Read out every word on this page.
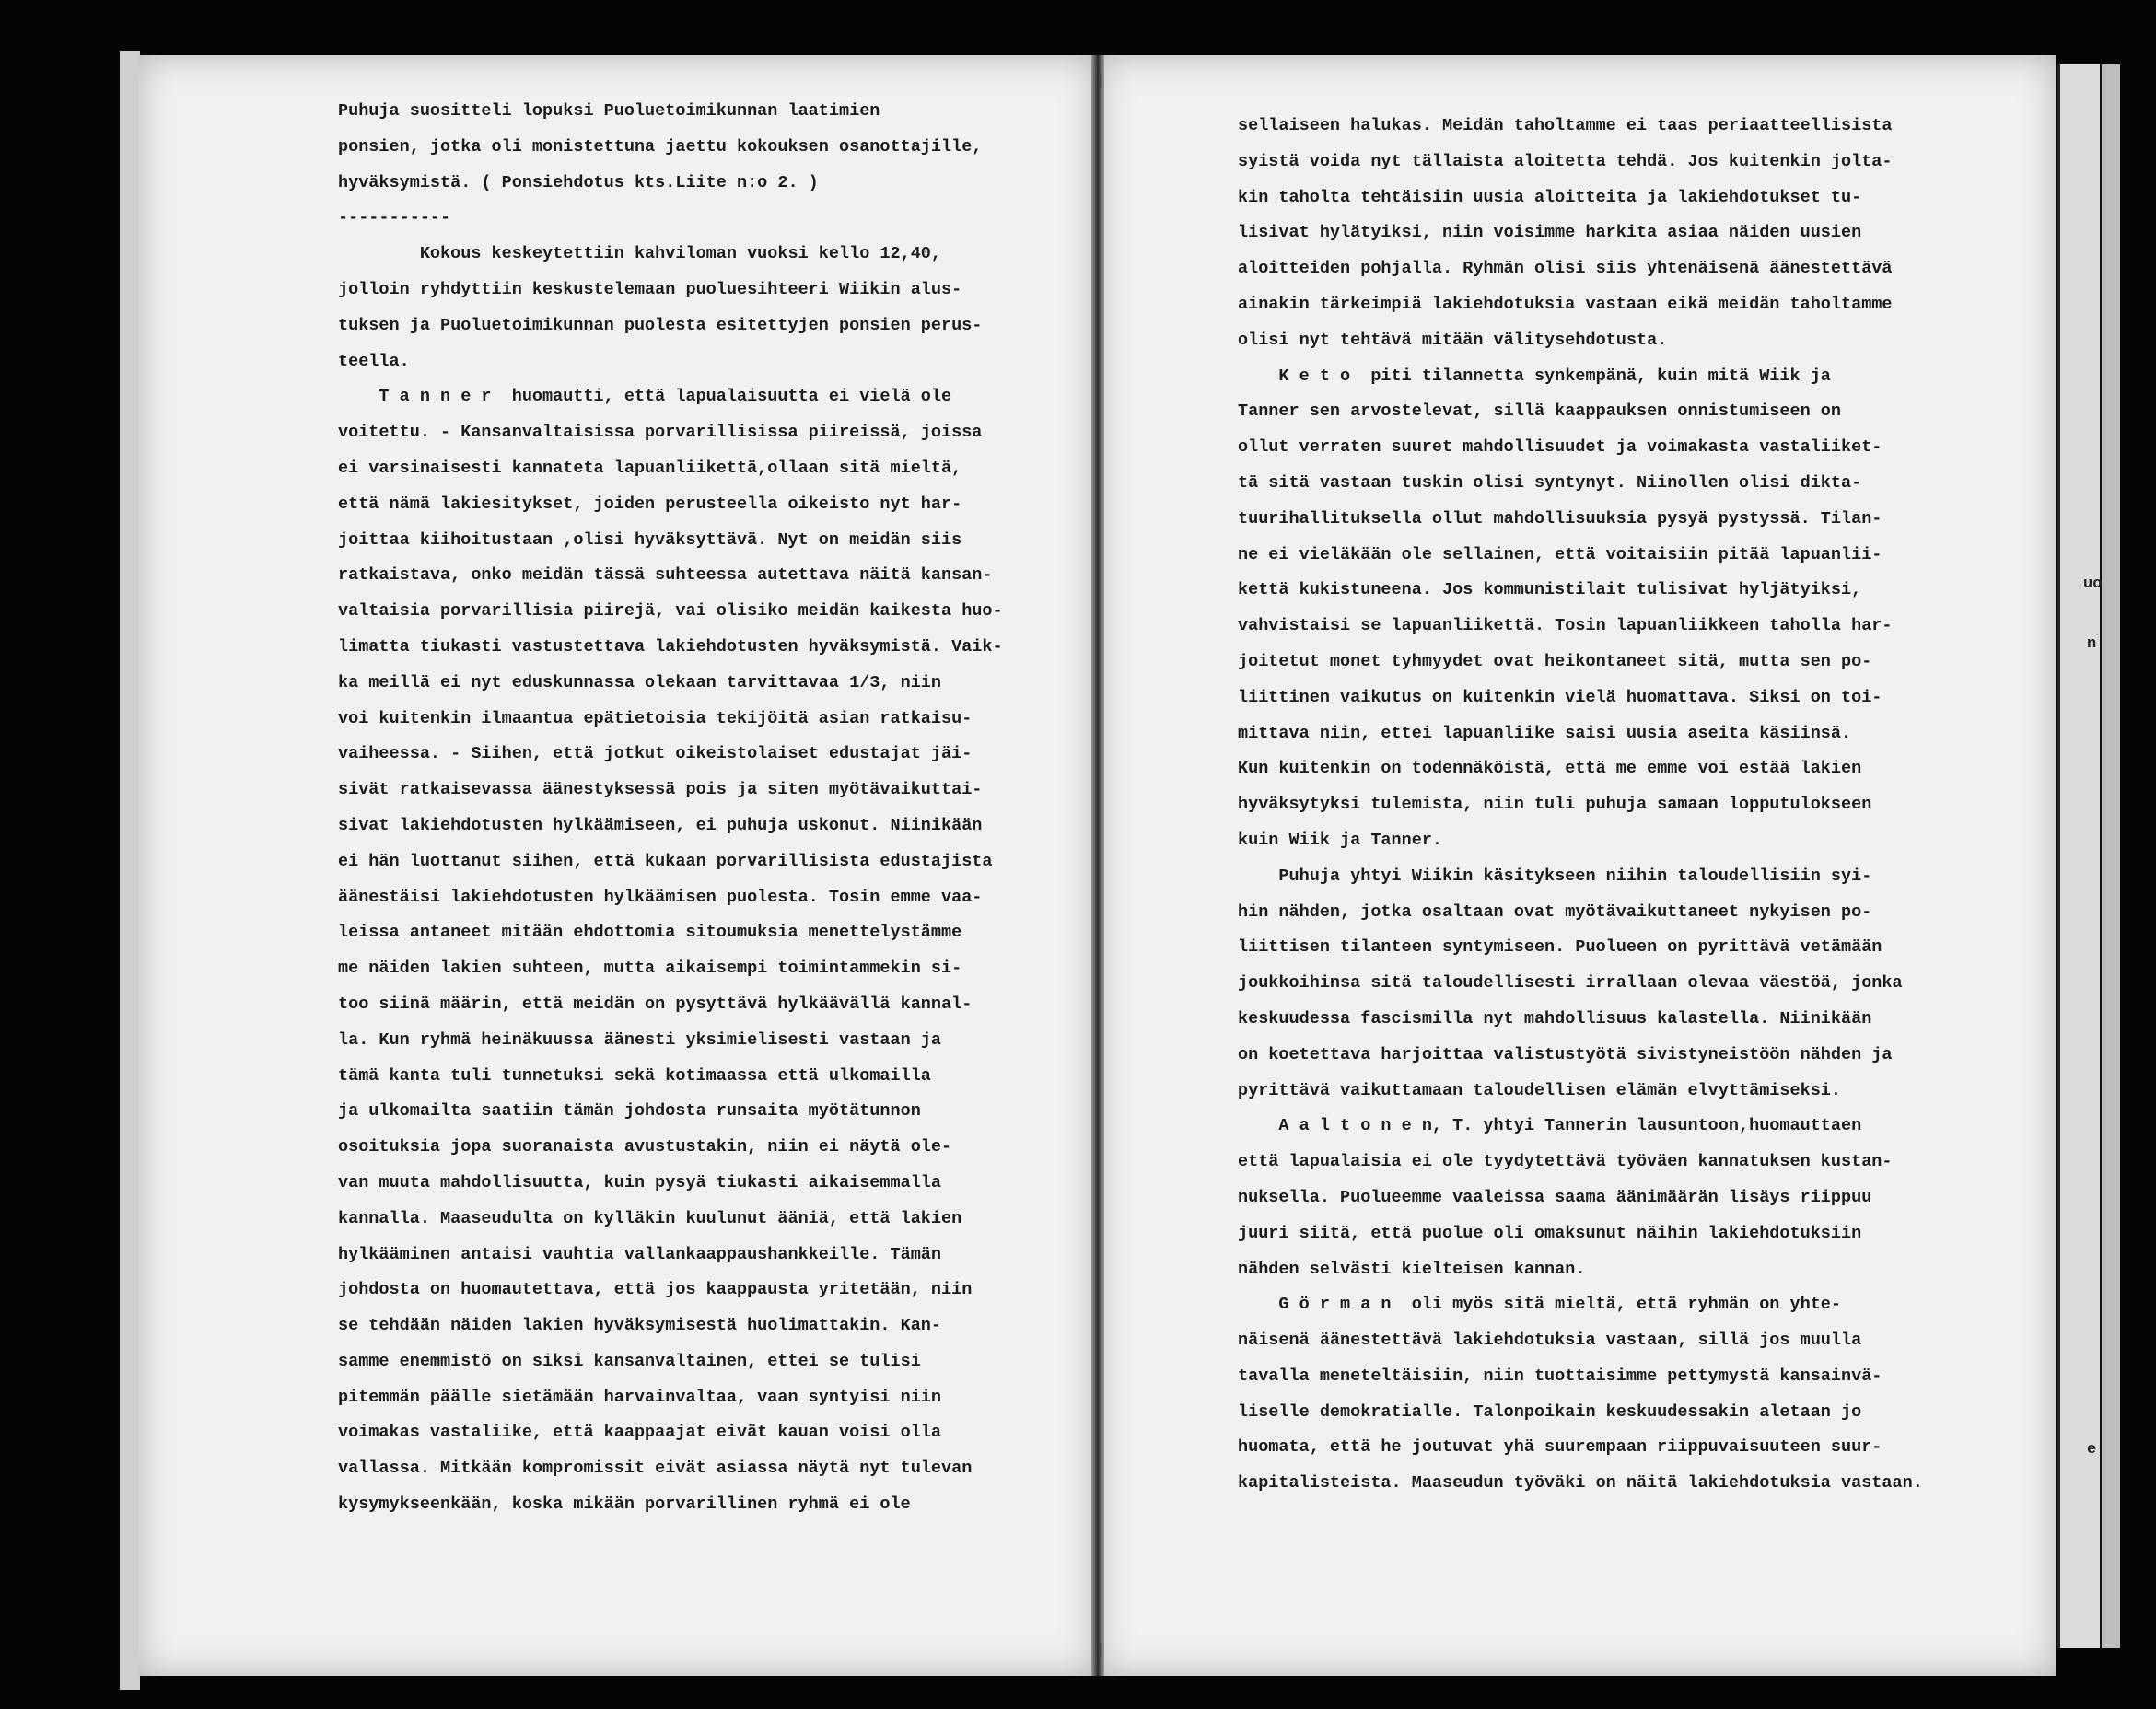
Puhuja suositteli lopuksi Puoluetoimikunnan laatimien
ponsien, jotka oli monistettuna jaettu kokouksen osanottajille,
hyväksymistä. ( Ponsiehdotus kts.Liite n:o 2. )
-----------
Kokous keskeytettiin kahviloman vuoksi kello 12,40,
jolloin ryhdyttiin keskustelemaan puoluesihteeri Wiikin alus-
tuksen ja Puoluetoimikunnan puolesta esitettyjen ponsien perus-
teella.
T a n n e r  huomautti, että lapualaisuutta ei vielä ole
voitettu. - Kansanvaltaisissa porvarillisissa piireissä, joissa
ei varsinaisesti kannateta lapuanliikettä,ollaan sitä mieltä,
että nämä lakiesitykset, joiden perusteella oikeisto nyt har-
joittaa kiihoitustaan ,olisi hyväksyttävä. Nyt on meidän siis
ratkaistava, onko meidän tässä suhteessa autettava näitä kansan-
valtaisia porvarillisia piirejä, vai olisiko meidän kaikesta huo-
limatta tiukasti vastustettava lakiehdotusten hyväksymistä. Vaik-
ka meillä ei nyt eduskunnassa olekaan tarvittavaa 1/3, niin
voi kuitenkin ilmaantua epätietoisia tekijöitä asian ratkaisu-
vaiheessa. - Siihen, että jotkut oikeistolaiset edustajat jäi-
sivät ratkaisevassa äänestyksessä pois ja siten myötävaikuttai-
sivat lakiehdotusten hylkäämiseen, ei puhuja uskonut. Niinikään
ei hän luottanut siihen, että kukaan porvarillisista edustajista
äänestäisi lakiehdotusten hylkäämisen puolesta. Tosin emme vaa-
leissa antaneet mitään ehdottomia sitoumuksia menettelystämme
me näiden lakien suhteen, mutta aikaisempi toimintammekin si-
too siinä määrin, että meidän on pysyttävä hylkäävällä kannal-
la. Kun ryhmä heinäkuussa äänesti yksimielisesti vastaan ja
tämä kanta tuli tunnetuksi sekä kotimaassa että ulkomailla
ja ulkomailta saatiin tämän johdosta runsaita myötätunnon
osoituksia jopa suoranaista avustustakin, niin ei näytä ole-
van muuta mahdollisuutta, kuin pysyä tiukasti aikaisemmalla
kannalla. Maaseudulta on kylläkin kuulunut ääniä, että lakien
hylkääminen antaisi vauhtia vallankaappaushankkeille. Tämän
johdosta on huomautettava, että jos kaappausta yritetään, niin
se tehdään näiden lakien hyväksymisestä huolimattakin. Kan-
samme enemmistö on siksi kansanvaltainen, ettei se tulisi
pitemmän päälle sietämään harvainvaltaa, vaan syntyisi niin
voimakas vastaliike, että kaappaajat eivät kauan voisi olla
vallassa. Mitkään kompromissit eivät asiassa näytä nyt tulevan
kysymykseenkään, koska mikään porvarillinen ryhmä ei ole
sellaiseen halukas. Meidän taholtamme ei taas periaatteellisista
syistä voida nyt tällaista aloitetta tehdä. Jos kuitenkin jolta-
kin taholta tehtäisiin uusia aloitteita ja lakiehdotukset tu-
lisivat hylätyiksi, niin voisimme harkita asiaa näiden uusien
aloitteiden pohjalla. Ryhmän olisi siis yhtenäisenä äänestettävä
ainakin tärkeimpiä lakiehdotuksia vastaan eikä meidän taholtamme
olisi nyt tehtävä mitään välitysehdotusta.
K e t o  piti tilannetta synkempänä, kuin mitä Wiik ja
Tanner sen arvostelevat, sillä kaappauksen onnistumiseen on
ollut verraten suuret mahdollisuudet ja voimakasta vastaliiket-
tä sitä vastaan tuskin olisi syntynyt. Niinollen olisi dikta-
tuurihallituksella ollut mahdollisuuksia pysyä pystyssä. Tilan-
ne ei vieläkään ole sellainen, että voitaisiin pitää lapuanlii-
kettä kukistuneena. Jos kommunistilait tulisivat hyljätyiksi,
vahvistaisi se lapuanliikettä. Tosin lapuanliikkeen taholla har-
joitetut monet tyhmyydet ovat heikontaneet sitä, mutta sen po-
liittinen vaikutus on kuitenkin vielä huomattava. Siksi on toi-
mittava niin, ettei lapuanliike saisi uusia aseita käsiinsä.
Kun kuitenkin on todennäköistä, että me emme voi estää lakien
hyväksytyksi tulemista, niin tuli puhuja samaan lopputulokseen
kuin Wiik ja Tanner.
Puhuja yhtyi Wiikin käsitykseen niihin taloudellisiin syi-
hin nähden, jotka osaltaan ovat myötävaikuttaneet nykyisen po-
liittisen tilanteen syntymiseen. Puolueen on pyrittävä vetämään
joukkoihinsa sitä taloudellisesti irrallaan olevaa väestöä, jonka
keskuudessa fascismilla nyt mahdollisuus kalastella. Niinikään
on koetettava harjoittaa valistustyötä sivistyneistöön nähden ja
pyrittävä vaikuttamaan taloudellisen elämän elvyttämiseksi.
A a l t o n e n, T. yhtyi Tannerin lausuntoon,huomauttaen
että lapualaisia ei ole tyydytettävä työväen kannatuksen kustan-
nuksella. Puolueemme vaaleissa saama äänimäärän lisäys riippuu
juuri siitä, että puolue oli omaksunut näihin lakiehdotuksiin
nähden selvästi kielteisen kannan.
G ö r m a n  oli myös sitä mieltä, että ryhmän on yhte-
näisenä äänestettävä lakiehdotuksia vastaan, sillä jos muulla
tavalla meneteltäisiin, niin tuottaisimme pettymystä kansainvä-
liselle demokratialle. Talonpoikain keskuudessakin aletaan jo
huomata, että he joutuvat yhä suurempaan riippuvaisuuteen suur-
kapitalisteista. Maaseudun työväki on näitä lakiehdotuksia vastaan.
uo
n
e
